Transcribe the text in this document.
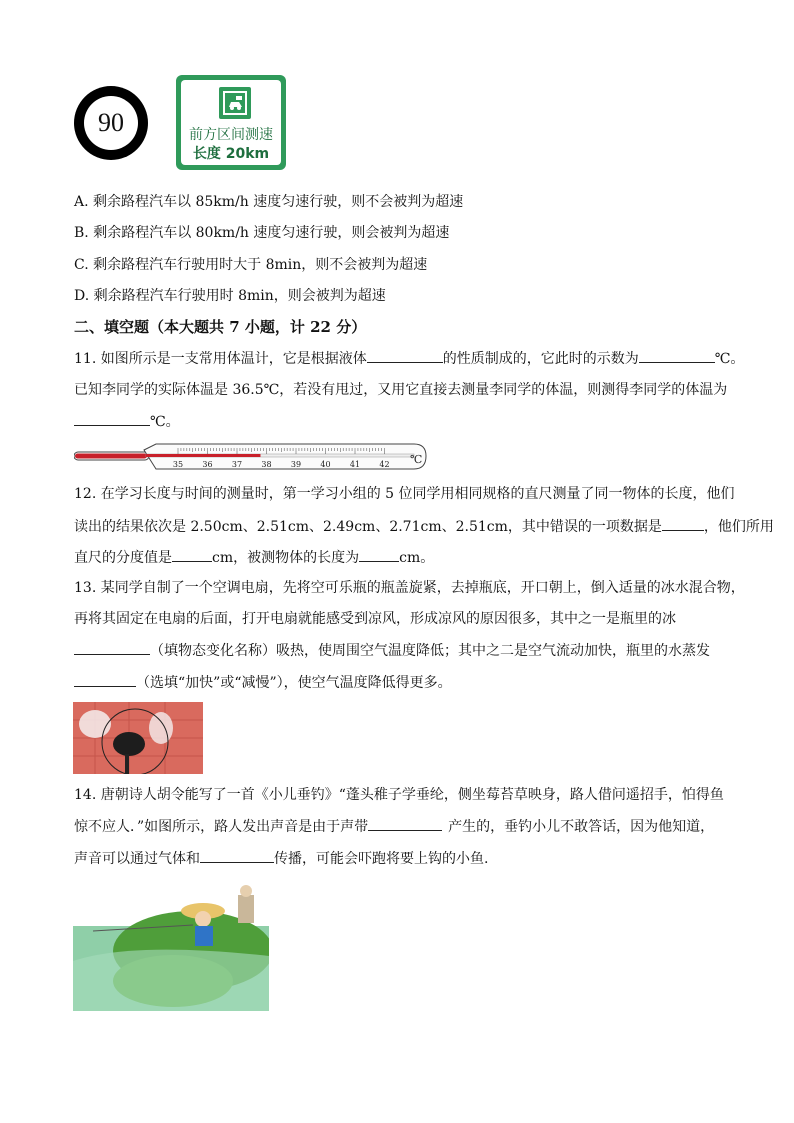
90	前方区间测速
长度 20km
A. 剩余路程汽车以 85km/h 速度匀速行驶，则不会被判为超速
B. 剩余路程汽车以 80km/h 速度匀速行驶，则会被判为超速
C. 剩余路程汽车行驶用时大于 8min，则不会被判为超速
D. 剩余路程汽车行驶用时 8min，则会被判为超速
二、填空题（本大题共 7 小题，计 22 分）
11. 如图所示是一支常用体温计，它是根据液体	的性质制成的，它此时的示数为	℃。
已知李同学的实际体温是 36.5℃，若没有甩过，又用它直接去测量李同学的体温，则测得李同学的体温为
℃。
35 36 37 38 39 40 41 42 ℃
12. 在学习长度与时间的测量时，第一学习小组的 5 位同学用相同规格的直尺测量了同一物体的长度，他们
读出的结果依次是 2.50cm、2.51cm、2.49cm、2.71cm、2.51cm，其中错误的一项数据是	，他们所用
直尺的分度值是	cm，被测物体的长度为	cm。
13. 某同学自制了一个空调电扇，先将空可乐瓶的瓶盖旋紧，去掉瓶底，开口朝上，倒入适量的冰水混合物，
再将其固定在电扇的后面，打开电扇就能感受到凉风，形成凉风的原因很多，其中之一是瓶里的冰
（填物态变化名称）吸热，使周围空气温度降低；其中之二是空气流动加快，瓶里的水蒸发
（选填“加快”或“减慢”），使空气温度降低得更多。
14. 唐朝诗人胡令能写了一首《小儿垂钓》“蓬头稚子学垂纶，侧坐莓苔草映身，路人借问遥招手，怕得鱼
惊不应人．”如图所示，路人发出声音是由于声带	产生的，垂钓小儿不敢答话，因为他知道，
声音可以通过气体和	传播，可能会吓跑将要上钩的小鱼.
